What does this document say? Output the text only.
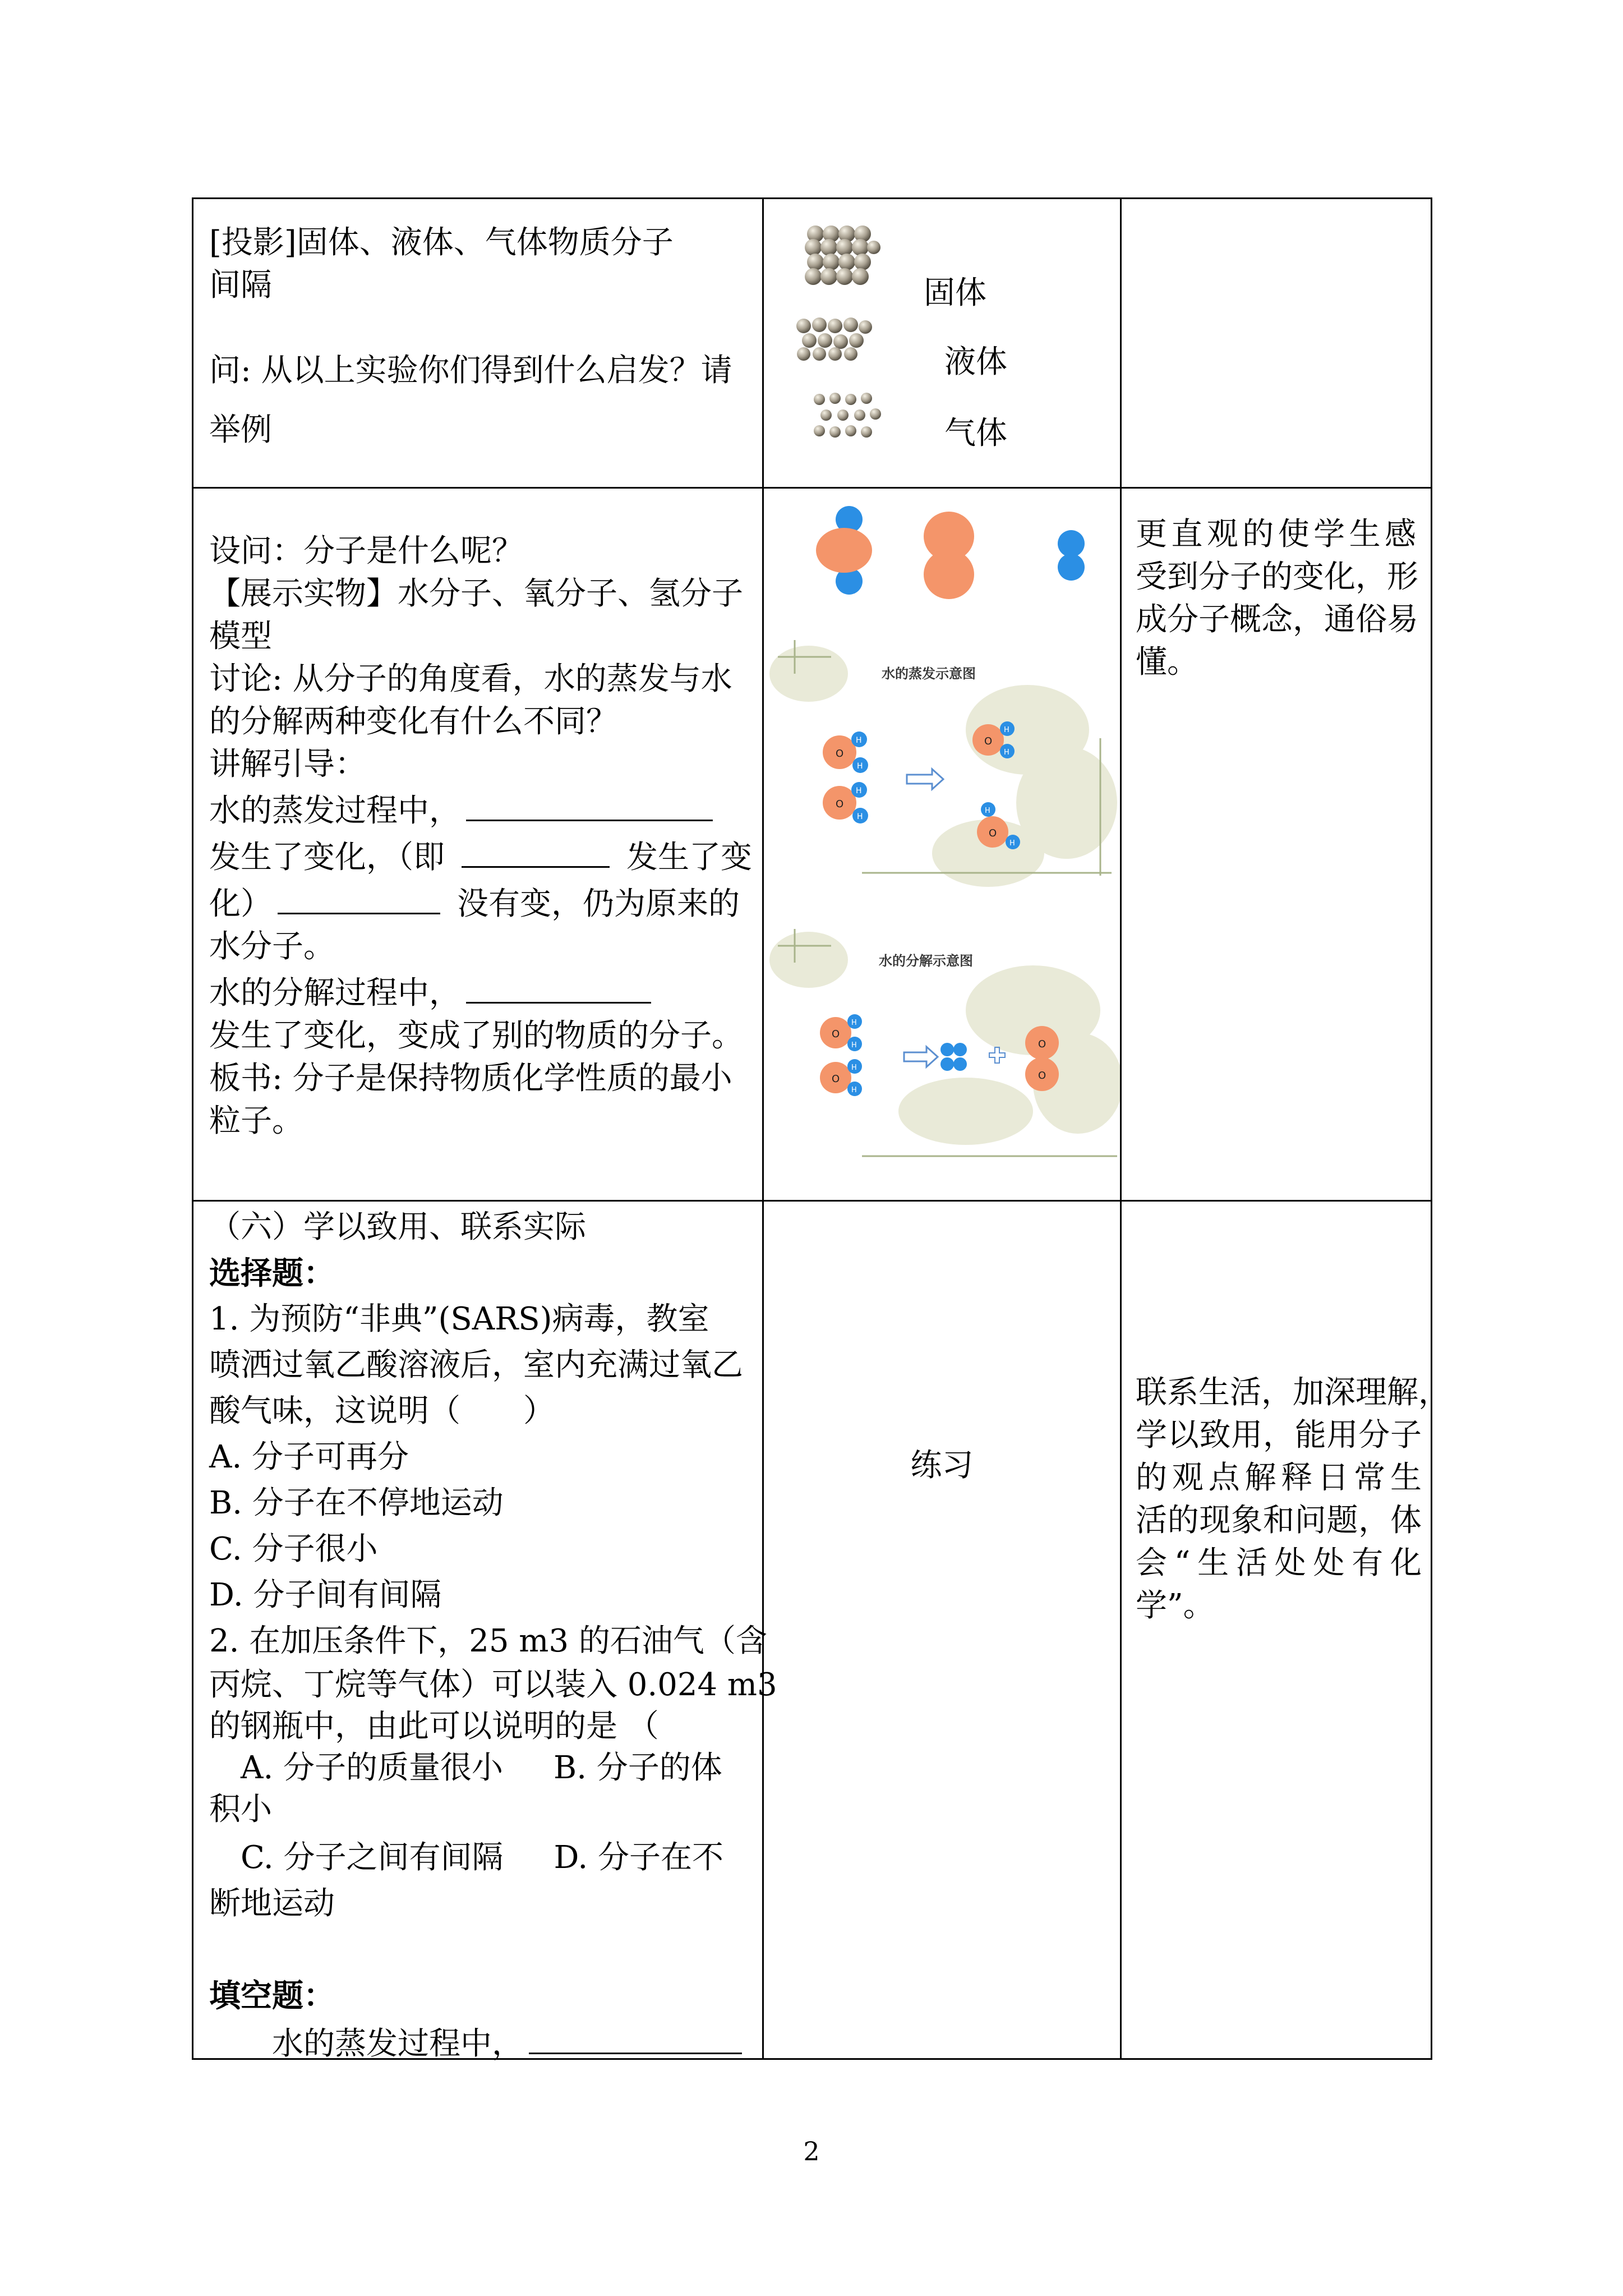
[投影]固体、液体、气体物质分子
间隔
问: 从以上实验你们得到什么启发？请
举例
固体
液体
气体
设问：分子是什么呢？
【展示实物】水分子、氧分子、氢分子
模型
讨论: 从分子的角度看，水的蒸发与水
的分解两种变化有什么不同？
讲解引导：
水的蒸发过程中，
发生了变化，（即	发生了变
化）	没有变，仍为原来的
水分子。
水的分解过程中，
发生了变化，变成了别的物质的分子。
板书: 分子是保持物质化学性质的最小
粒子。
水的蒸发示意图
O
H
H
O
H
H
O
H
H
O
H
H
水的分解示意图
O
H
H
O
H
H
O
O
更直观的使学生感
受到分子的变化，形
成分子概念，通俗易
懂。
（六）学以致用、联系实际
选择题：
1. 为预防“非典”(SARS)病毒，教室
喷洒过氧乙酸溶液后，室内充满过氧乙
酸气味，这说明（　　）
A. 分子可再分
B. 分子在不停地运动
C. 分子很小
D. 分子间有间隔
2. 在加压条件下，25 m3 的石油气（含
丙烷、丁烷等气体）可以装入 0.024 m3
的钢瓶中，由此可以说明的是 （
A. 分子的质量很小 B. 分子的体
积小
C. 分子之间有间隔 D. 分子在不
断地运动
填空题：
水的蒸发过程中，
练习
联系生活，加深理解，
学以致用，能用分子
的观点解释日常生
活的现象和问题，体
会“生活处处有化
学”。
2
